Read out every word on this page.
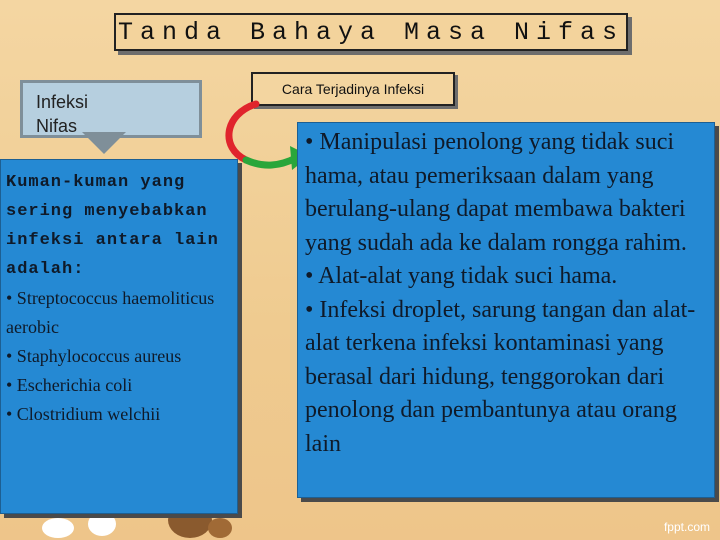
Tanda Bahaya Masa Nifas
Infeksi Nifas
Kuman-kuman yang sering menyebabkan infeksi antara lain adalah:
• Streptococcus haemoliticus aerobic
• Staphylococcus aureus
• Escherichia coli
• Clostridium welchii
Cara Terjadinya Infeksi
• Manipulasi penolong yang tidak suci hama, atau pemeriksaan dalam yang berulang-ulang dapat membawa bakteri yang sudah ada ke dalam rongga rahim.
• Alat-alat yang tidak suci hama.
• Infeksi droplet, sarung tangan dan alat-alat terkena infeksi kontaminasi yang berasal dari hidung, tenggorokan dari penolong dan pembantunya atau orang lain
fppt.com
